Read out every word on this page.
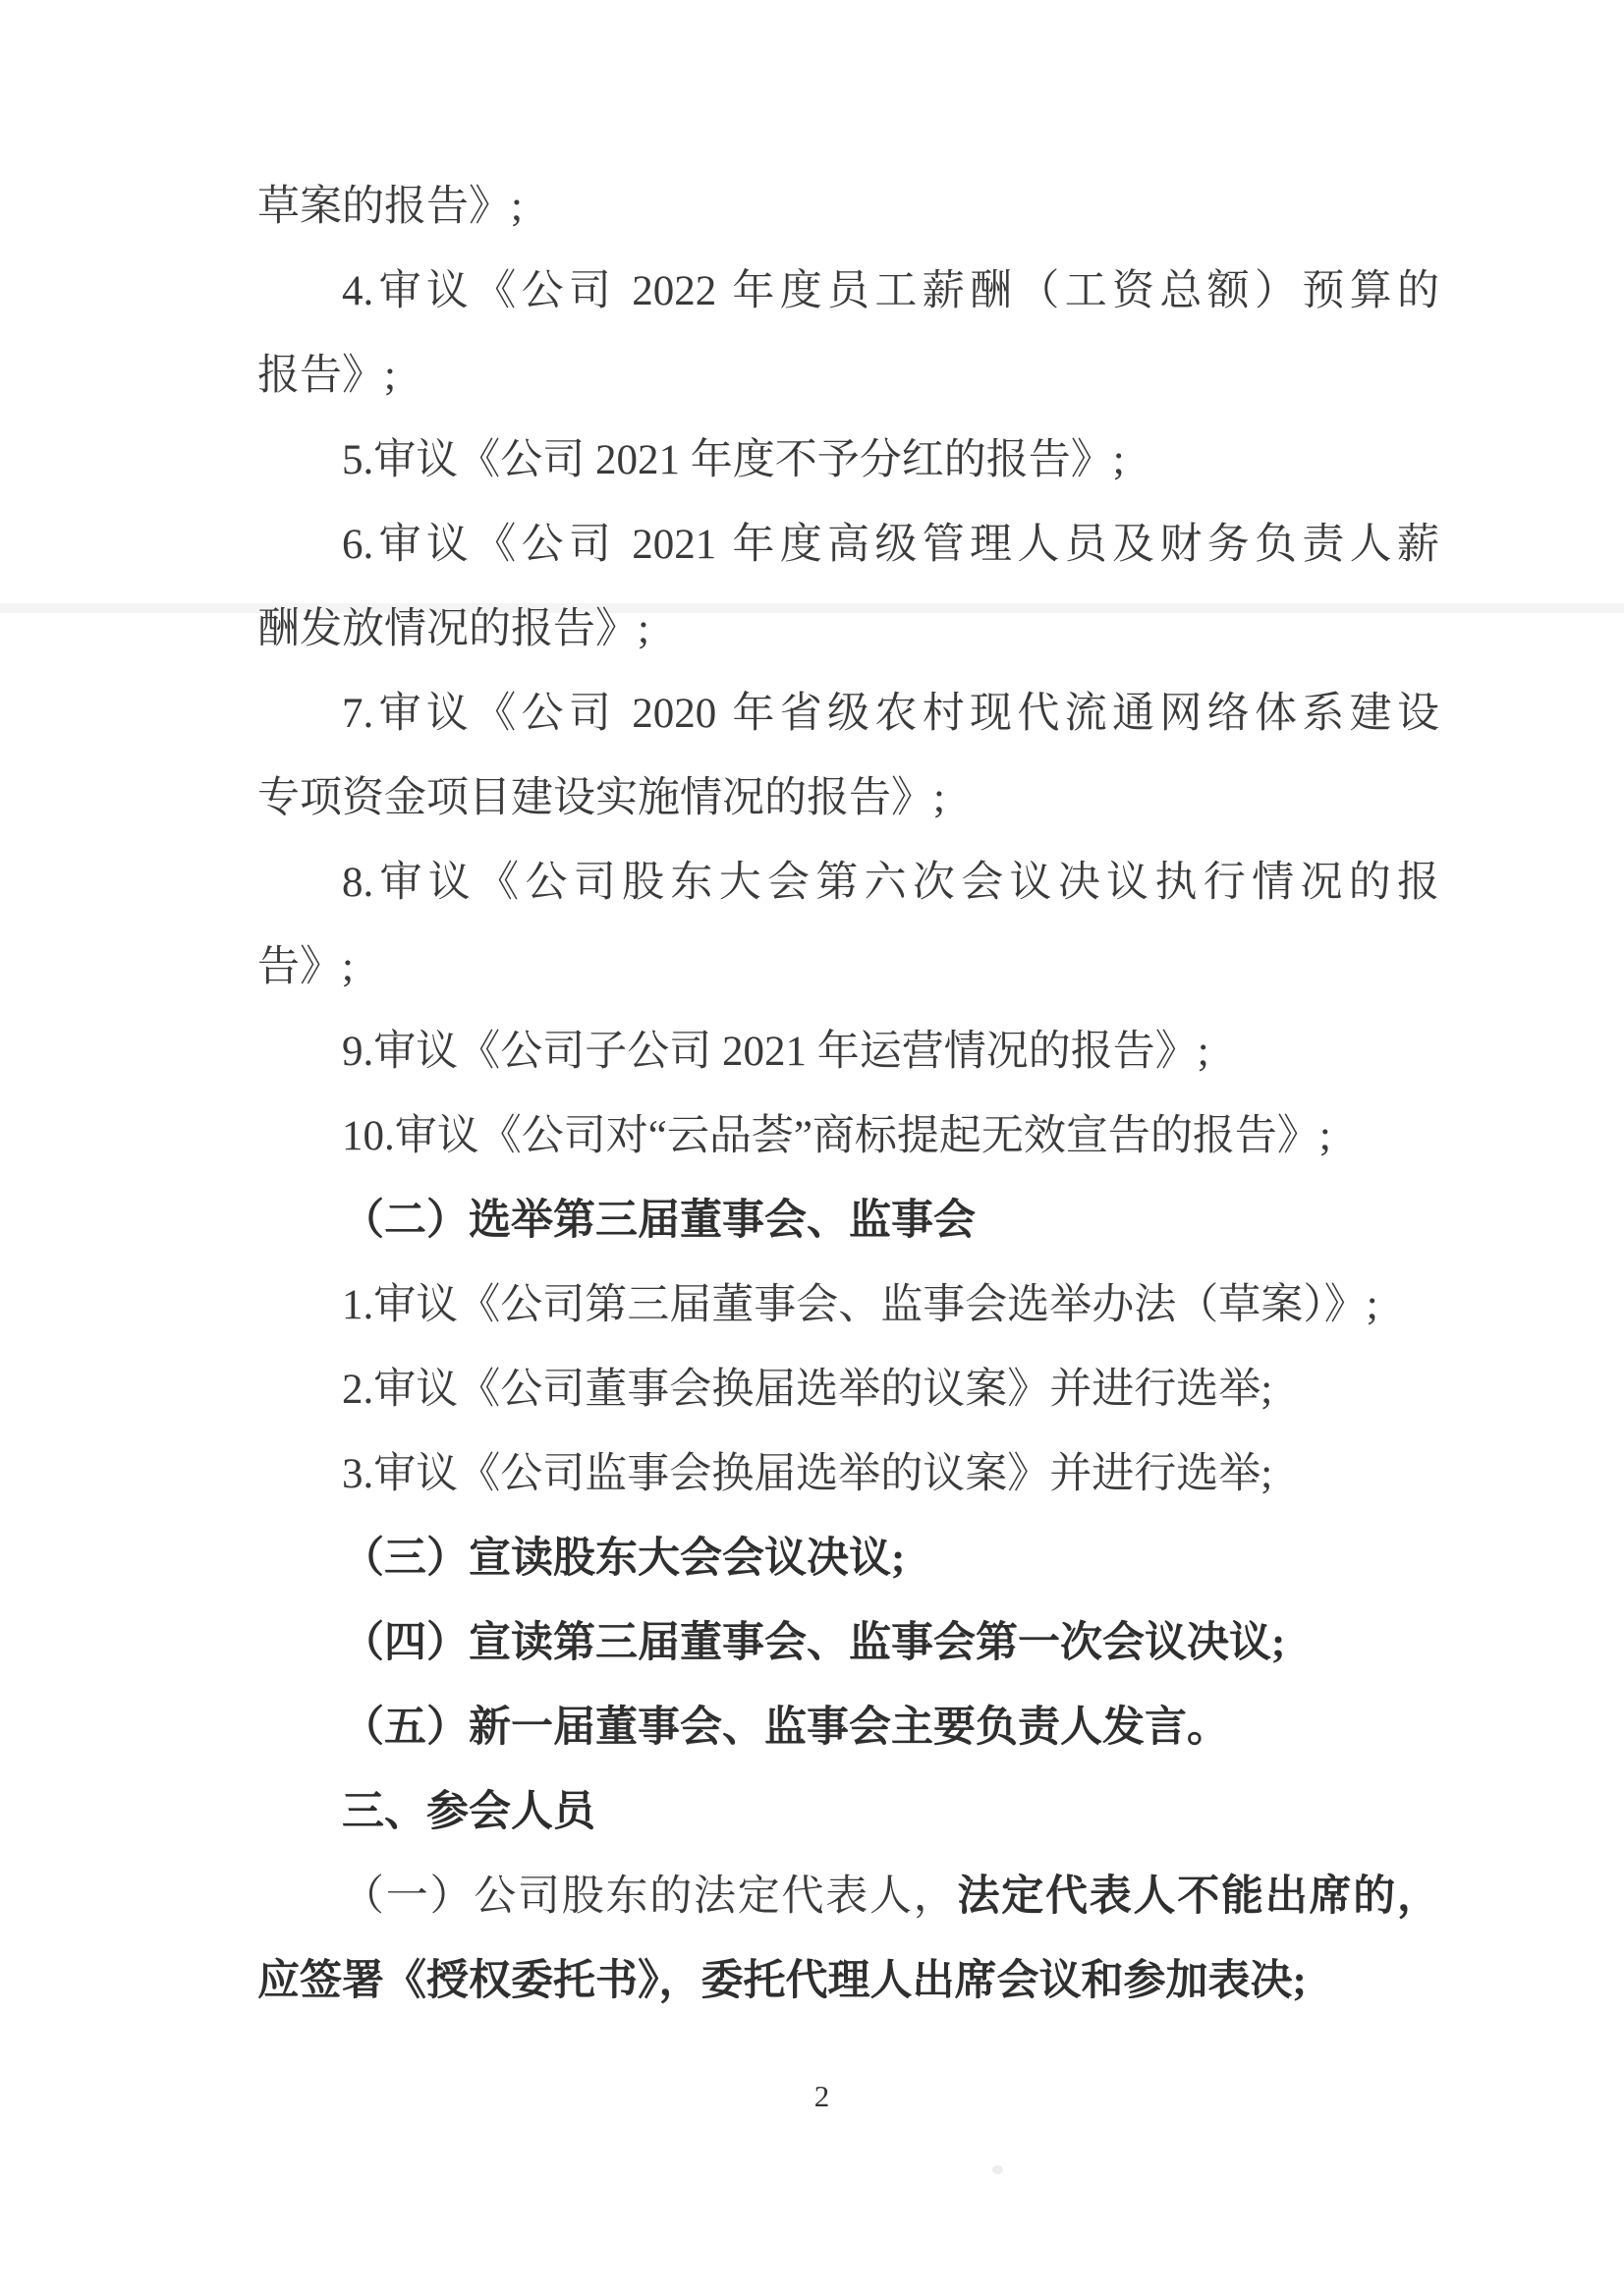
草案的报告》;
4.审议《公司 2022 年度员工薪酬（工资总额）预算的
报告》;
5.审议《公司 2021 年度不予分红的报告》;
6.审议《公司 2021 年度高级管理人员及财务负责人薪
酬发放情况的报告》;
7.审议《公司 2020 年省级农村现代流通网络体系建设
专项资金项目建设实施情况的报告》;
8.审议《公司股东大会第六次会议决议执行情况的报
告》;
9.审议《公司子公司 2021 年运营情况的报告》;
10.审议《公司对“云品荟”商标提起无效宣告的报告》;
（二）选举第三届董事会、监事会
1.审议《公司第三届董事会、监事会选举办法（草案）》;
2.审议《公司董事会换届选举的议案》并进行选举;
3.审议《公司监事会换届选举的议案》并进行选举;
（三）宣读股东大会会议决议;
（四）宣读第三届董事会、监事会第一次会议决议;
（五）新一届董事会、监事会主要负责人发言。
三、参会人员
（一）公司股东的法定代表人，法定代表人不能出席的，
应签署《授权委托书》，委托代理人出席会议和参加表决;
2
